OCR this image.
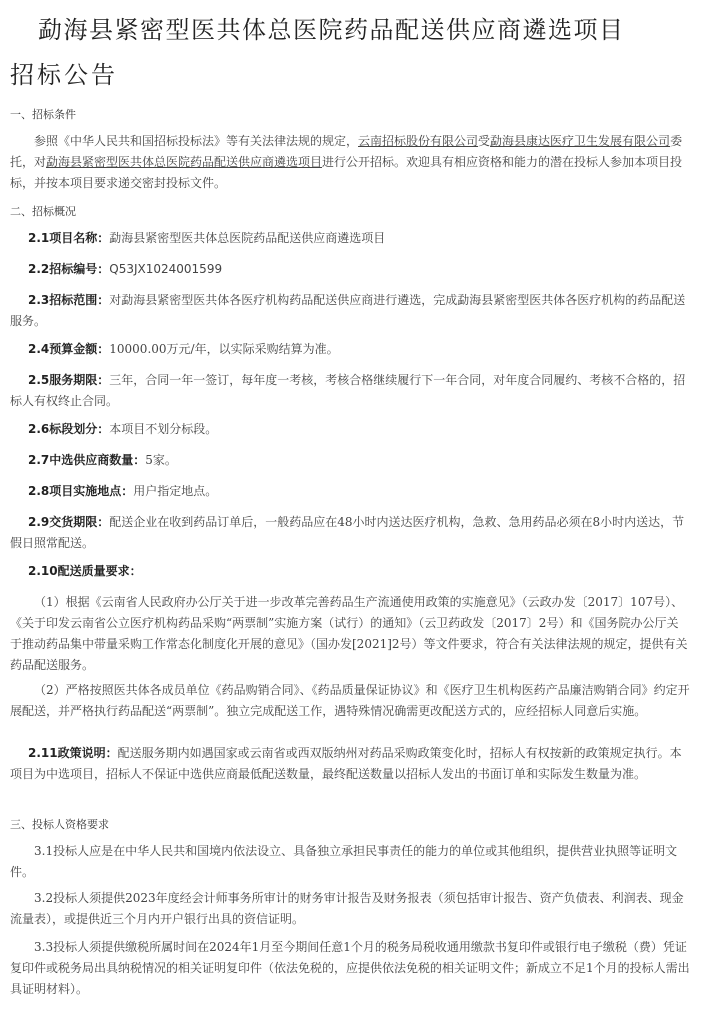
勐海县紧密型医共体总医院药品配送供应商遴选项目
招标公告
一、招标条件

参照《中华人民共和国招标投标法》等有关法律法规的规定，云南招标股份有限公司受勐海县康达医疗卫生发展有限公司委托，对勐海县紧密型医共体总医院药品配送供应商遴选项目进行公开招标。欢迎具有相应资格和能力的潜在投标人参加本项目投标，并按本项目要求递交密封投标文件。

二、招标概况

2.1项目名称：勐海县紧密型医共体总医院药品配送供应商遴选项目

2.2招标编号：Q53JX1024001599

2.3招标范围：对勐海县紧密型医共体各医疗机构药品配送供应商进行遴选，完成勐海县紧密型医共体各医疗机构的药品配送服务。

2.4预算金额：10000.00万元/年，以实际采购结算为准。

2.5服务期限：三年，合同一年一签订，每年度一考核，考核合格继续履行下一年合同，对年度合同履约、考核不合格的，招标人有权终止合同。

2.6标段划分：本项目不划分标段。

2.7中选供应商数量：5家。

2.8项目实施地点：用户指定地点。

2.9交货期限：配送企业在收到药品订单后，一般药品应在48小时内送达医疗机构，急救、急用药品必须在8小时内送达，节假日照常配送。

2.10配送质量要求：

（1）根据《云南省人民政府办公厅关于进一步改革完善药品生产流通使用政策的实施意见》（云政办发〔2017〕107号）、《关于印发云南省公立医疗机构药品采购“两票制”实施方案（试行）的通知》（云卫药政发〔2017〕2号）和《国务院办公厅关于推动药品集中带量采购工作常态化制度化开展的意见》（国办发[2021]2号）等文件要求，符合有关法律法规的规定，提供有关药品配送服务。

（2）严格按照医共体各成员单位《药品购销合同》、《药品质量保证协议》和《医疗卫生机构医药产品廉洁购销合同》约定开展配送，并严格执行药品配送“两票制”。独立完成配送工作，遇特殊情况确需更改配送方式的，应经招标人同意后实施。

2.11政策说明：配送服务期内如遇国家或云南省或西双版纳州对药品采购政策变化时，招标人有权按新的政策规定执行。本项目为中选项目，招标人不保证中选供应商最低配送数量，最终配送数量以招标人发出的书面订单和实际发生数量为准。

三、投标人资格要求

3.1投标人应是在中华人民共和国境内依法设立、具备独立承担民事责任的能力的单位或其他组织，提供营业执照等证明文件。

3.2投标人须提供2023年度经会计师事务所审计的财务审计报告及财务报表（须包括审计报告、资产负债表、利润表、现金流量表），或提供近三个月内开户银行出具的资信证明。

3.3投标人须提供缴税所属时间在2024年1月至今期间任意1个月的税务局税收通用缴款书复印件或银行电子缴税（费）凭证复印件或税务局出具纳税情况的相关证明复印件（依法免税的，应提供依法免税的相关证明文件；新成立不足1个月的投标人需出具证明材料）。
